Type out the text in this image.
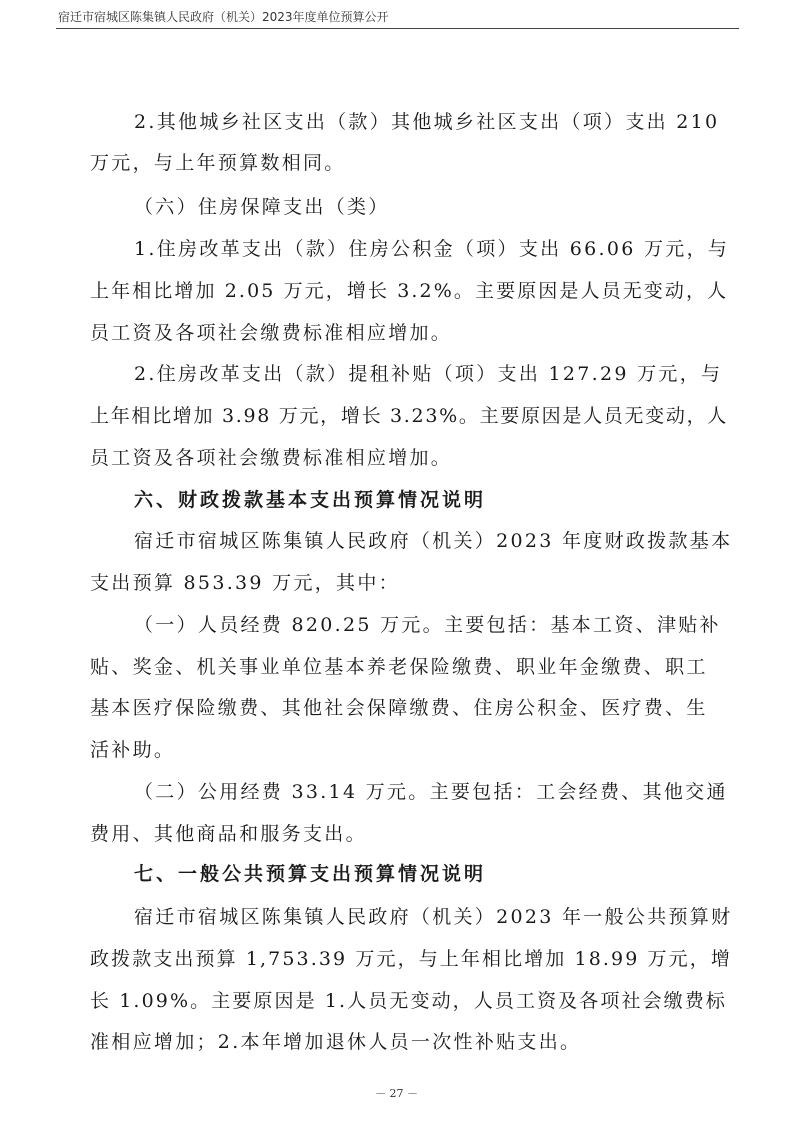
宿迁市宿城区陈集镇人民政府（机关）2023年度单位预算公开
2.其他城乡社区支出（款）其他城乡社区支出（项）支出 210
万元，与上年预算数相同。
（六）住房保障支出（类）
1.住房改革支出（款）住房公积金（项）支出 66.06 万元，与
上年相比增加 2.05 万元，增长 3.2%。主要原因是人员无变动，人
员工资及各项社会缴费标准相应增加。
2.住房改革支出（款）提租补贴（项）支出 127.29 万元，与
上年相比增加 3.98 万元，增长 3.23%。主要原因是人员无变动，人
员工资及各项社会缴费标准相应增加。
六、财政拨款基本支出预算情况说明
宿迁市宿城区陈集镇人民政府（机关）2023 年度财政拨款基本
支出预算 853.39 万元，其中：
（一）人员经费 820.25 万元。主要包括：基本工资、津贴补
贴、奖金、机关事业单位基本养老保险缴费、职业年金缴费、职工
基本医疗保险缴费、其他社会保障缴费、住房公积金、医疗费、生
活补助。
（二）公用经费 33.14 万元。主要包括：工会经费、其他交通
费用、其他商品和服务支出。
七、一般公共预算支出预算情况说明
宿迁市宿城区陈集镇人民政府（机关）2023 年一般公共预算财
政拨款支出预算 1,753.39 万元，与上年相比增加 18.99 万元，增
长 1.09%。主要原因是 1.人员无变动，人员工资及各项社会缴费标
准相应增加；2.本年增加退休人员一次性补贴支出。
－ 27 －
